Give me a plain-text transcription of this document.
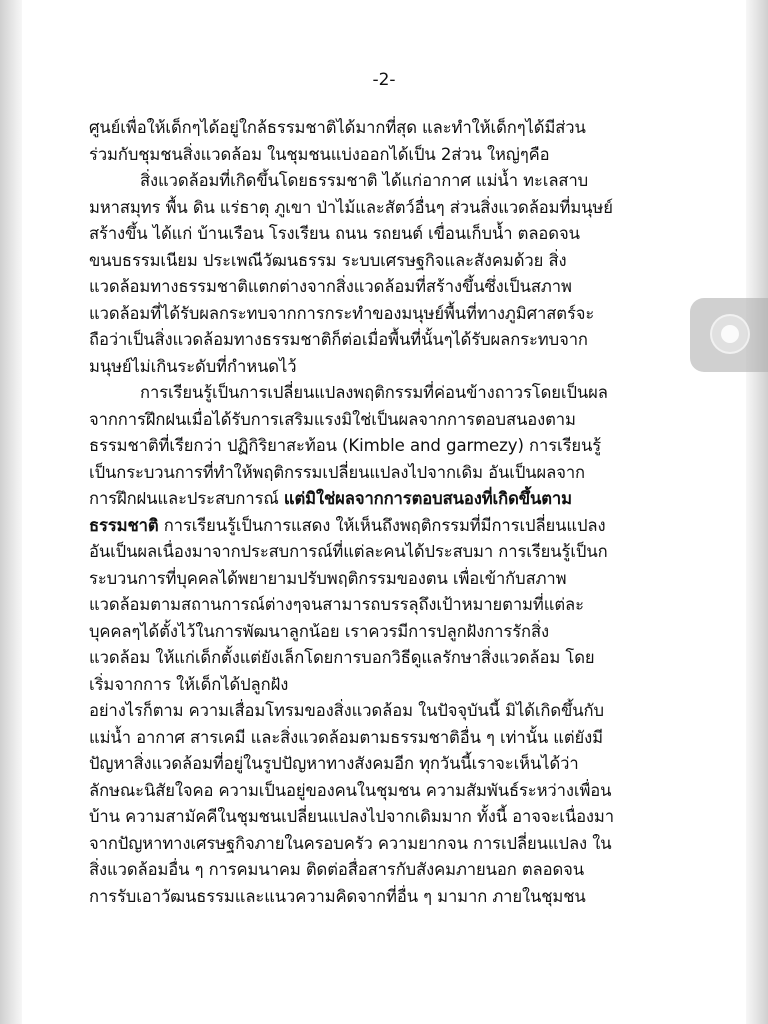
-2-
ศูนย์เพื่อให้เด็กๆได้อยู่ใกล้ธรรมชาติได้มากที่สุด และทำให้เด็กๆได้มีส่วน
ร่วมกับชุมชนสิ่งแวดล้อม ในชุมชนแบ่งออกได้เป็น 2ส่วน ใหญ่ๆคือ
สิ่งแวดล้อมที่เกิดขึ้นโดยธรรมชาติ ได้แก่อากาศ แม่น้ำ ทะเลสาบ
มหาสมุทร พื้น ดิน แร่ธาตุ ภูเขา ป่าไม้และสัตว์อื่นๆ ส่วนสิ่งแวดล้อมที่มนุษย์
สร้างขึ้น ได้แก่ บ้านเรือน โรงเรียน ถนน รถยนต์ เขื่อนเก็บน้ำ ตลอดจน
ขนบธรรมเนียม ประเพณีวัฒนธรรม ระบบเศรษฐกิจและสังคมด้วย สิ่ง
แวดล้อมทางธรรมชาติแตกต่างจากสิ่งแวดล้อมที่สร้างขึ้นซึ่งเป็นสภาพ
แวดล้อมที่ได้รับผลกระทบจากการกระทำของมนุษย์พื้นที่ทางภูมิศาสตร์จะ
ถือว่าเป็นสิ่งแวดล้อมทางธรรมชาติก็ต่อเมื่อพื้นที่นั้นๆได้รับผลกระทบจาก
มนุษย์ไม่เกินระดับที่กำหนดไว้
การเรียนรู้เป็นการเปลี่ยนแปลงพฤติกรรมที่ค่อนข้างถาวรโดยเป็นผล
จากการฝึกฝนเมื่อได้รับการเสริมแรงมิใช่เป็นผลจากการตอบสนองตาม
ธรรมชาติที่เรียกว่า ปฏิกิริยาสะท้อน (Kimble and garmezy) การเรียนรู้
เป็นกระบวนการที่ทำให้พฤติกรรมเปลี่ยนแปลงไปจากเดิม อันเป็นผลจาก
การฝึกฝนและประสบการณ์ แต่มิใช่ผลจากการตอบสนองที่เกิดขึ้นตาม
ธรรมชาติ การเรียนรู้เป็นการแสดง ให้เห็นถึงพฤติกรรมที่มีการเปลี่ยนแปลง
อันเป็นผลเนื่องมาจากประสบการณ์ที่แต่ละคนได้ประสบมา การเรียนรู้เป็นก
ระบวนการที่บุคคลได้พยายามปรับพฤติกรรมของตน เพื่อเข้ากับสภาพ
แวดล้อมตามสถานการณ์ต่างๆจนสามารถบรรลุถึงเป้าหมายตามที่แต่ละ
บุคคลๆได้ตั้งไว้ในการพัฒนาลูกน้อย เราควรมีการปลูกฝังการรักสิ่ง
แวดล้อม ให้แก่เด็กตั้งแต่ยังเล็กโดยการบอกวิธีดูแลรักษาสิ่งแวดล้อม โดย
เริ่มจากการ ให้เด็กได้ปลูกฝัง
อย่างไรก็ตาม ความเสื่อมโทรมของสิ่งแวดล้อม ในปัจจุบันนี้ มิได้เกิดขึ้นกับ
แม่น้ำ อากาศ สารเคมี และสิ่งแวดล้อมตามธรรมชาติอื่น ๆ เท่านั้น แต่ยังมี
ปัญหาสิ่งแวดล้อมที่อยู่ในรูปปัญหาทางสังคมอีก ทุกวันนี้เราจะเห็นได้ว่า
ลักษณะนิสัยใจคอ ความเป็นอยู่ของคนในชุมชน ความสัมพันธ์ระหว่างเพื่อน
บ้าน ความสามัคคีในชุมชนเปลี่ยนแปลงไปจากเดิมมาก ทั้งนี้ อาจจะเนื่องมา
จากปัญหาทางเศรษฐกิจภายในครอบครัว ความยากจน การเปลี่ยนแปลง ใน
สิ่งแวดล้อมอื่น ๆ การคมนาคม ติดต่อสื่อสารกับสังคมภายนอก ตลอดจน
การรับเอาวัฒนธรรมและแนวความคิดจากที่อื่น ๆ มามาก ภายในชุมชน
